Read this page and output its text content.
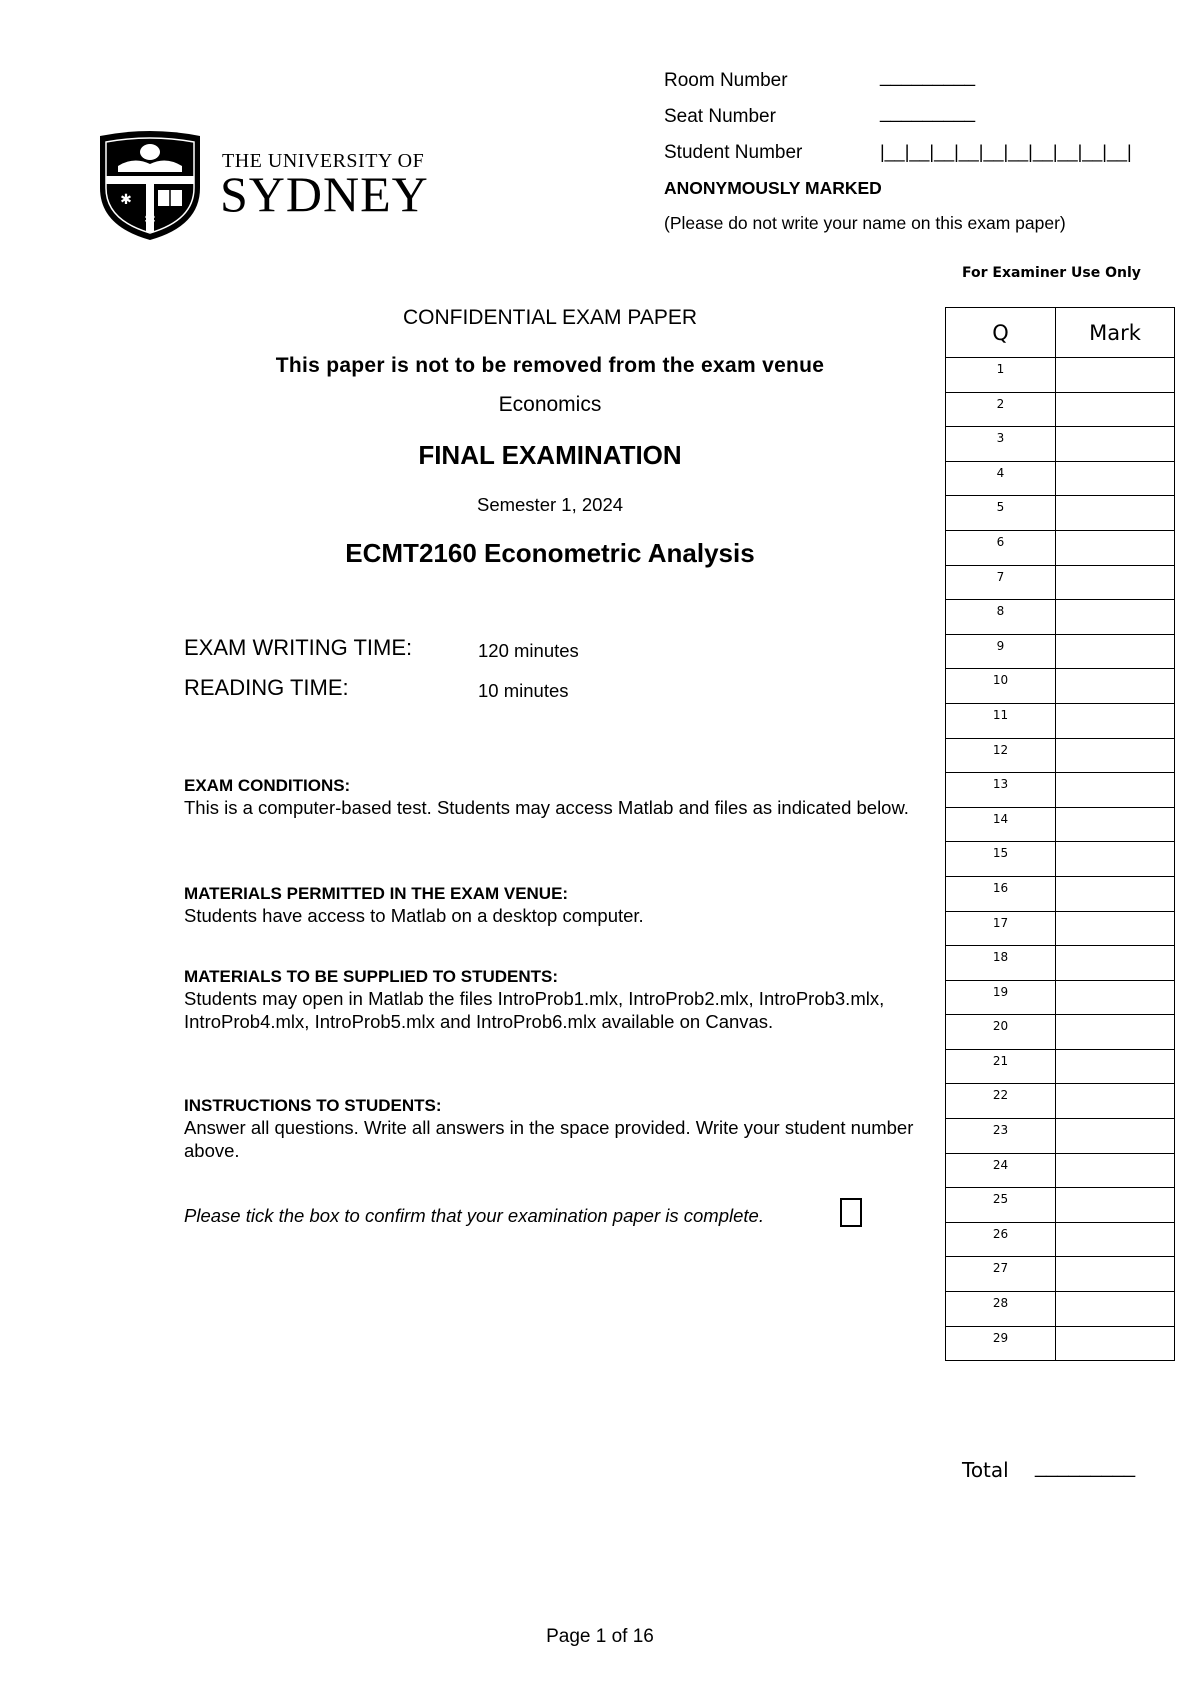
Room Number	_________
Seat Number	_________
Student Number	|__|__|__|__|__|__|__|__|__|__|
ANONYMOUSLY MARKED
(Please do not write your name on this exam paper)
✱
✱
THE UNIVERSITY OF
SYDNEY
CONFIDENTIAL EXAM PAPER
This paper is not to be removed from the exam venue
Economics
FINAL EXAMINATION
Semester 1, 2024
ECMT2160 Econometric Analysis
EXAM WRITING TIME:	120 minutes
READING TIME:	10 minutes
EXAM CONDITIONS:
This is a computer-based test. Students may access Matlab and files as indicated below.
MATERIALS PERMITTED IN THE EXAM VENUE:
Students have access to Matlab on a desktop computer.
MATERIALS TO BE SUPPLIED TO STUDENTS:
Students may open in Matlab the files IntroProb1.mlx, IntroProb2.mlx, IntroProb3.mlx, IntroProb4.mlx, IntroProb5.mlx and IntroProb6.mlx available on Canvas.
INSTRUCTIONS TO STUDENTS:
Answer all questions. Write all answers in the space provided. Write your student number above.
Please tick the box to confirm that your examination paper is complete.
For Examiner Use Only
Q	Mark
1	
2	
3	
4	
5	
6	
7	
8	
9	
10	
11	
12	
13	
14	
15	
16	
17	
18	
19	
20	
21	
22	
23	
24	
25	
26	
27	
28	
29	
Total _________
Page 1 of 16
